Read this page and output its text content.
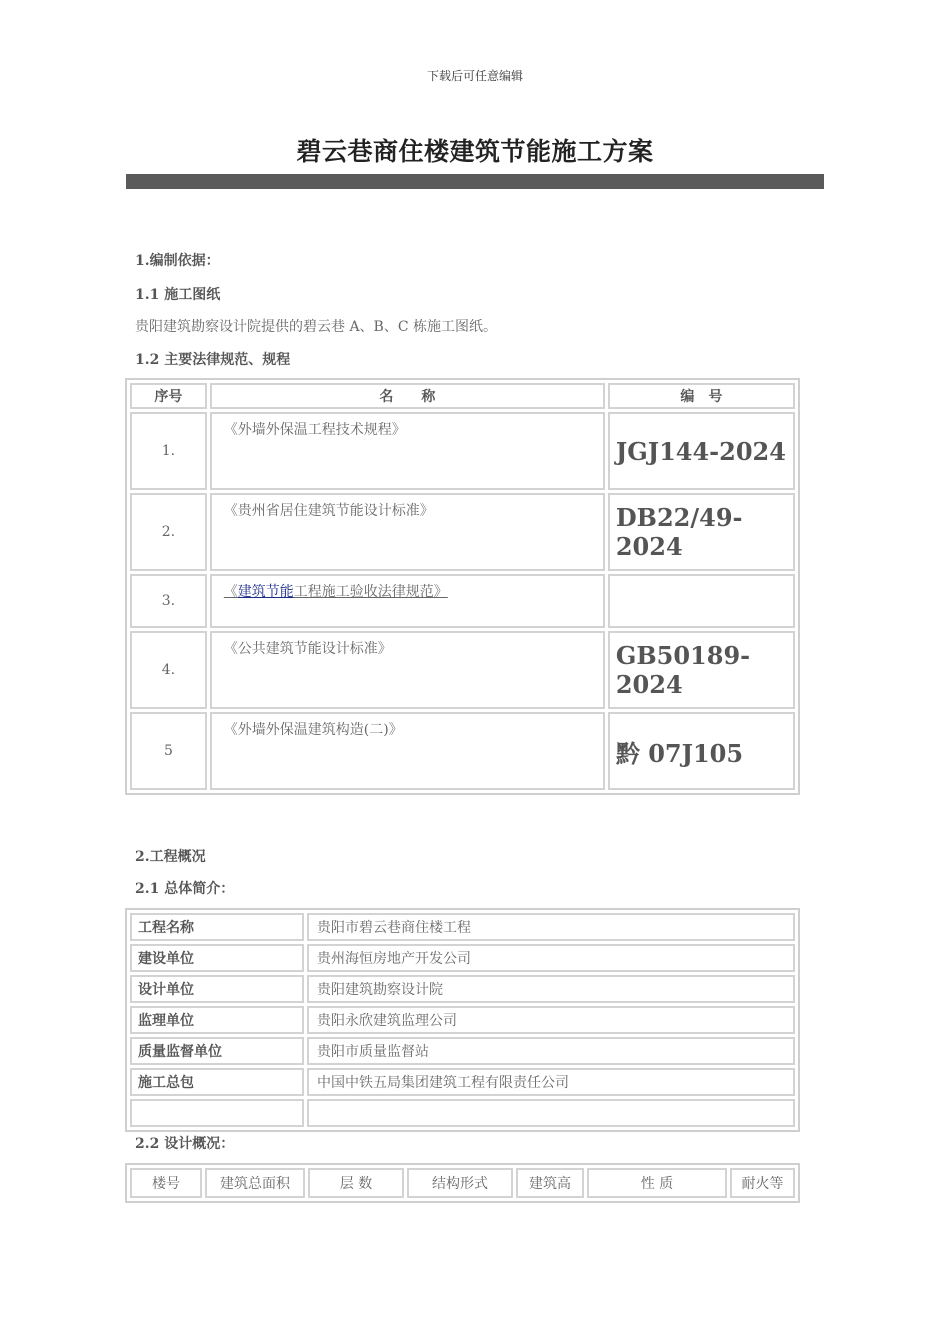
下载后可任意编辑
碧云巷商住楼建筑节能施工方案
1.编制依据：
1.1 施工图纸
贵阳建筑勘察设计院提供的碧云巷 A、B、C 栋施工图纸。
1.2 主要法律规范、规程
序号	名　　称	编　号
1.	《外墙外保温工程技术规程》	JGJ144-2024
2.	《贵州省居住建筑节能设计标准》	DB22/49-2024
3.	《建筑节能工程施工验收法律规范》	
4.	《公共建筑节能设计标准》	GB50189-2024
5	《外墙外保温建筑构造(二)》	黔 07J105
2.工程概况
2.1 总体简介：
工程名称	贵阳市碧云巷商住楼工程
建设单位	贵州海恒房地产开发公司
设计单位	贵阳建筑勘察设计院
监理单位	贵阳永欣建筑监理公司
质量监督单位	贵阳市质量监督站
施工总包	中国中铁五局集团建筑工程有限责任公司

2.2 设计概况：
楼号	建筑总面积	层 数	结构形式	建筑高	性 质	耐火等
